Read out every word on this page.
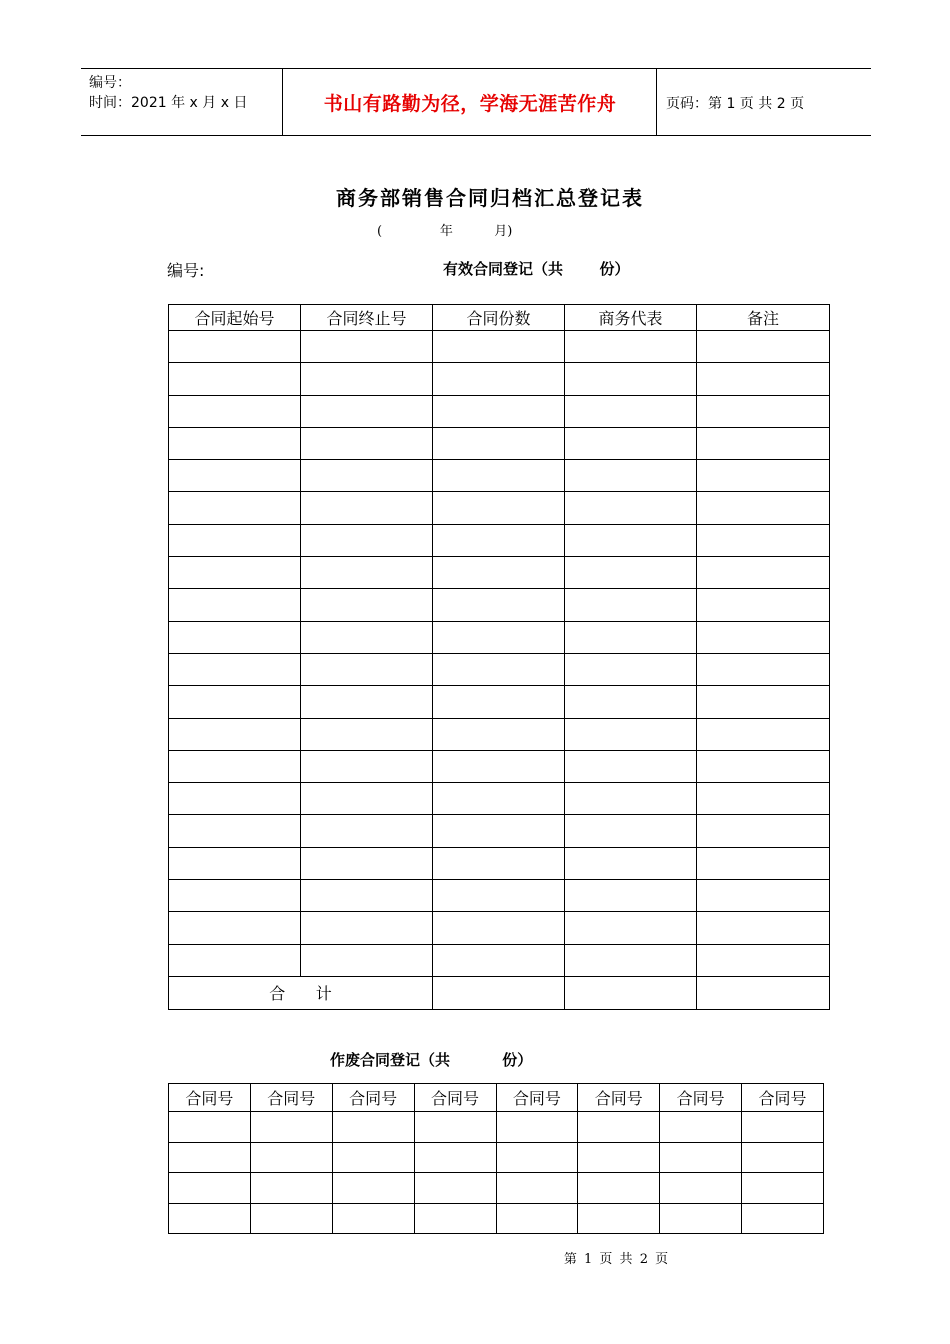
编号：
时间：2021 年 x 月 x 日	书山有路勤为径，学海无涯苦作舟	页码：第 1 页 共 2 页
商务部销售合同归档汇总登记表
(              年          月)
编号:	有效合同登记（共       份）
合同起始号	合同终止号	合同份数	商务代表	备注

合      计				
作废合同登记（共          份）
合同号	合同号	合同号	合同号	合同号	合同号	合同号	合同号

第 1 页 共 2 页
